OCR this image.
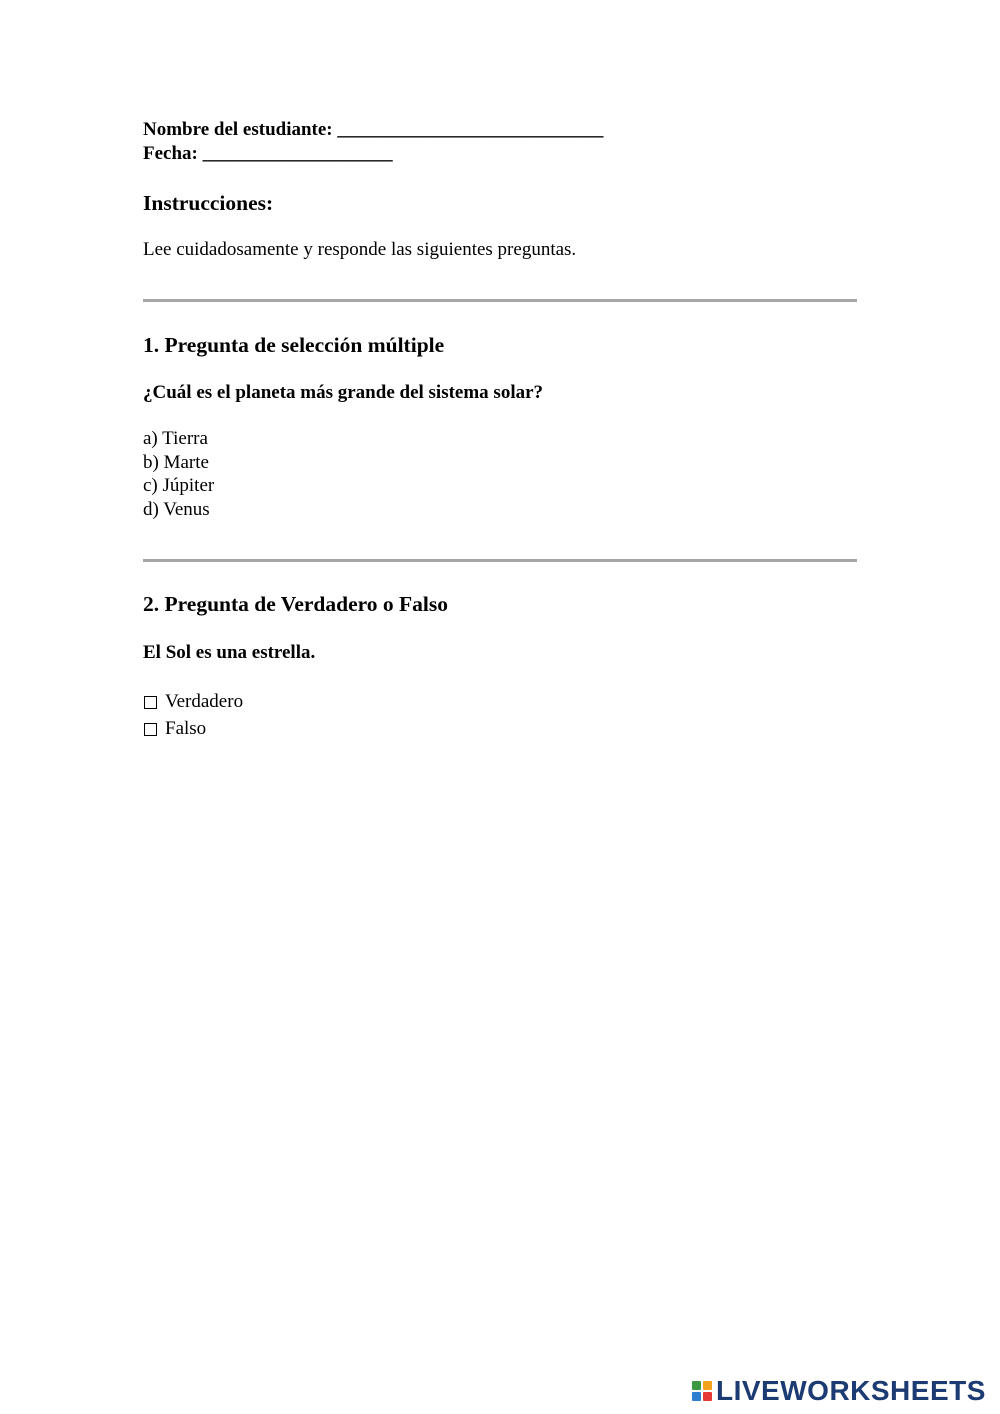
Nombre del estudiante: ____________________________

Fecha: ____________________

Instrucciones:

Lee cuidadosamente y responde las siguientes preguntas.

1. Pregunta de selección múltiple

¿Cuál es el planeta más grande del sistema solar?

a) Tierra
b) Marte
c) Júpiter
d) Venus
2. Pregunta de Verdadero o Falso

El Sol es una estrella.

Verdadero
Falso
LIVEWORKSHEETS
